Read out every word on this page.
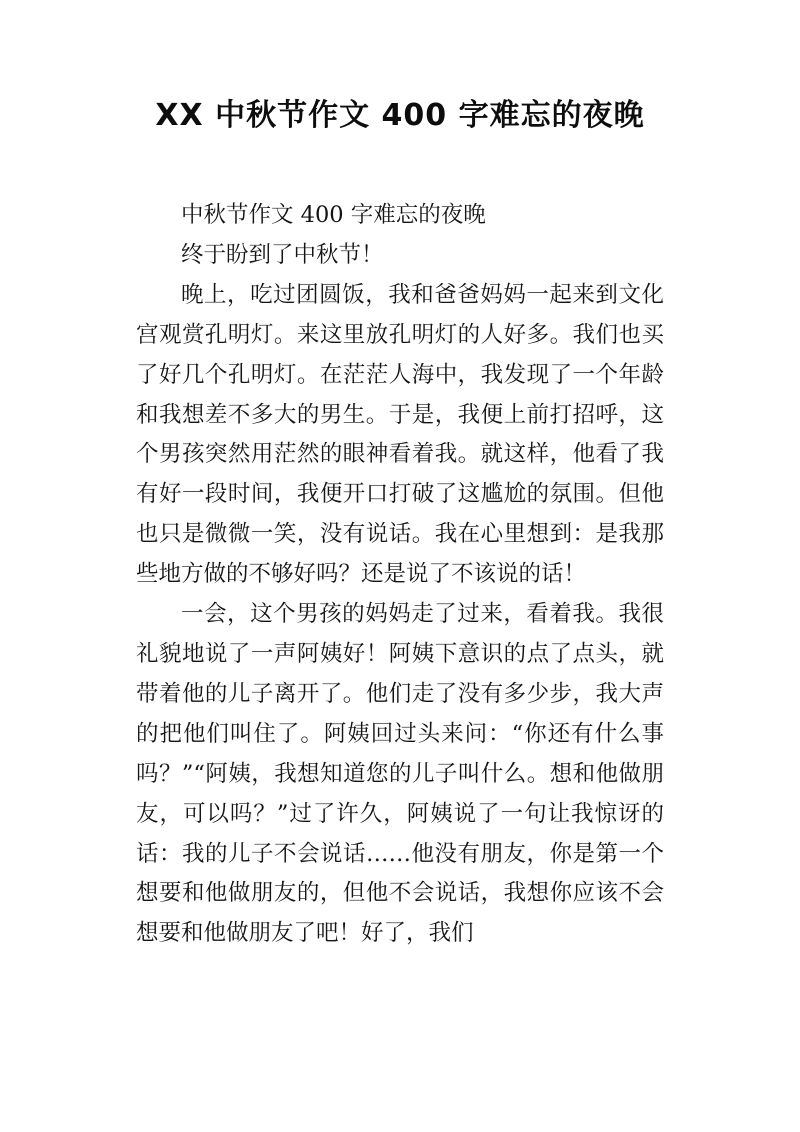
XX 中秋节作文 400 字难忘的夜晚

中秋节作文 400 字难忘的夜晚

终于盼到了中秋节！

晚上，吃过团圆饭，我和爸爸妈妈一起来到文化宫观赏孔明灯。来这里放孔明灯的人好多。我们也买了好几个孔明灯。在茫茫人海中，我发现了一个年龄和我想差不多大的男生。于是，我便上前打招呼，这个男孩突然用茫然的眼神看着我。就这样，他看了我有好一段时间，我便开口打破了这尴尬的氛围。但他也只是微微一笑，没有说话。我在心里想到：是我那些地方做的不够好吗？还是说了不该说的话！

一会，这个男孩的妈妈走了过来，看着我。我很礼貌地说了一声阿姨好！阿姨下意识的点了点头，就带着他的儿子离开了。他们走了没有多少步，我大声的把他们叫住了。阿姨回过头来问：“你还有什么事吗？”“阿姨，我想知道您的儿子叫什么。想和他做朋友，可以吗？”过了许久，阿姨说了一句让我惊讶的话：我的儿子不会说话……他没有朋友，你是第一个想要和他做朋友的，但他不会说话，我想你应该不会想要和他做朋友了吧！好了，我们
